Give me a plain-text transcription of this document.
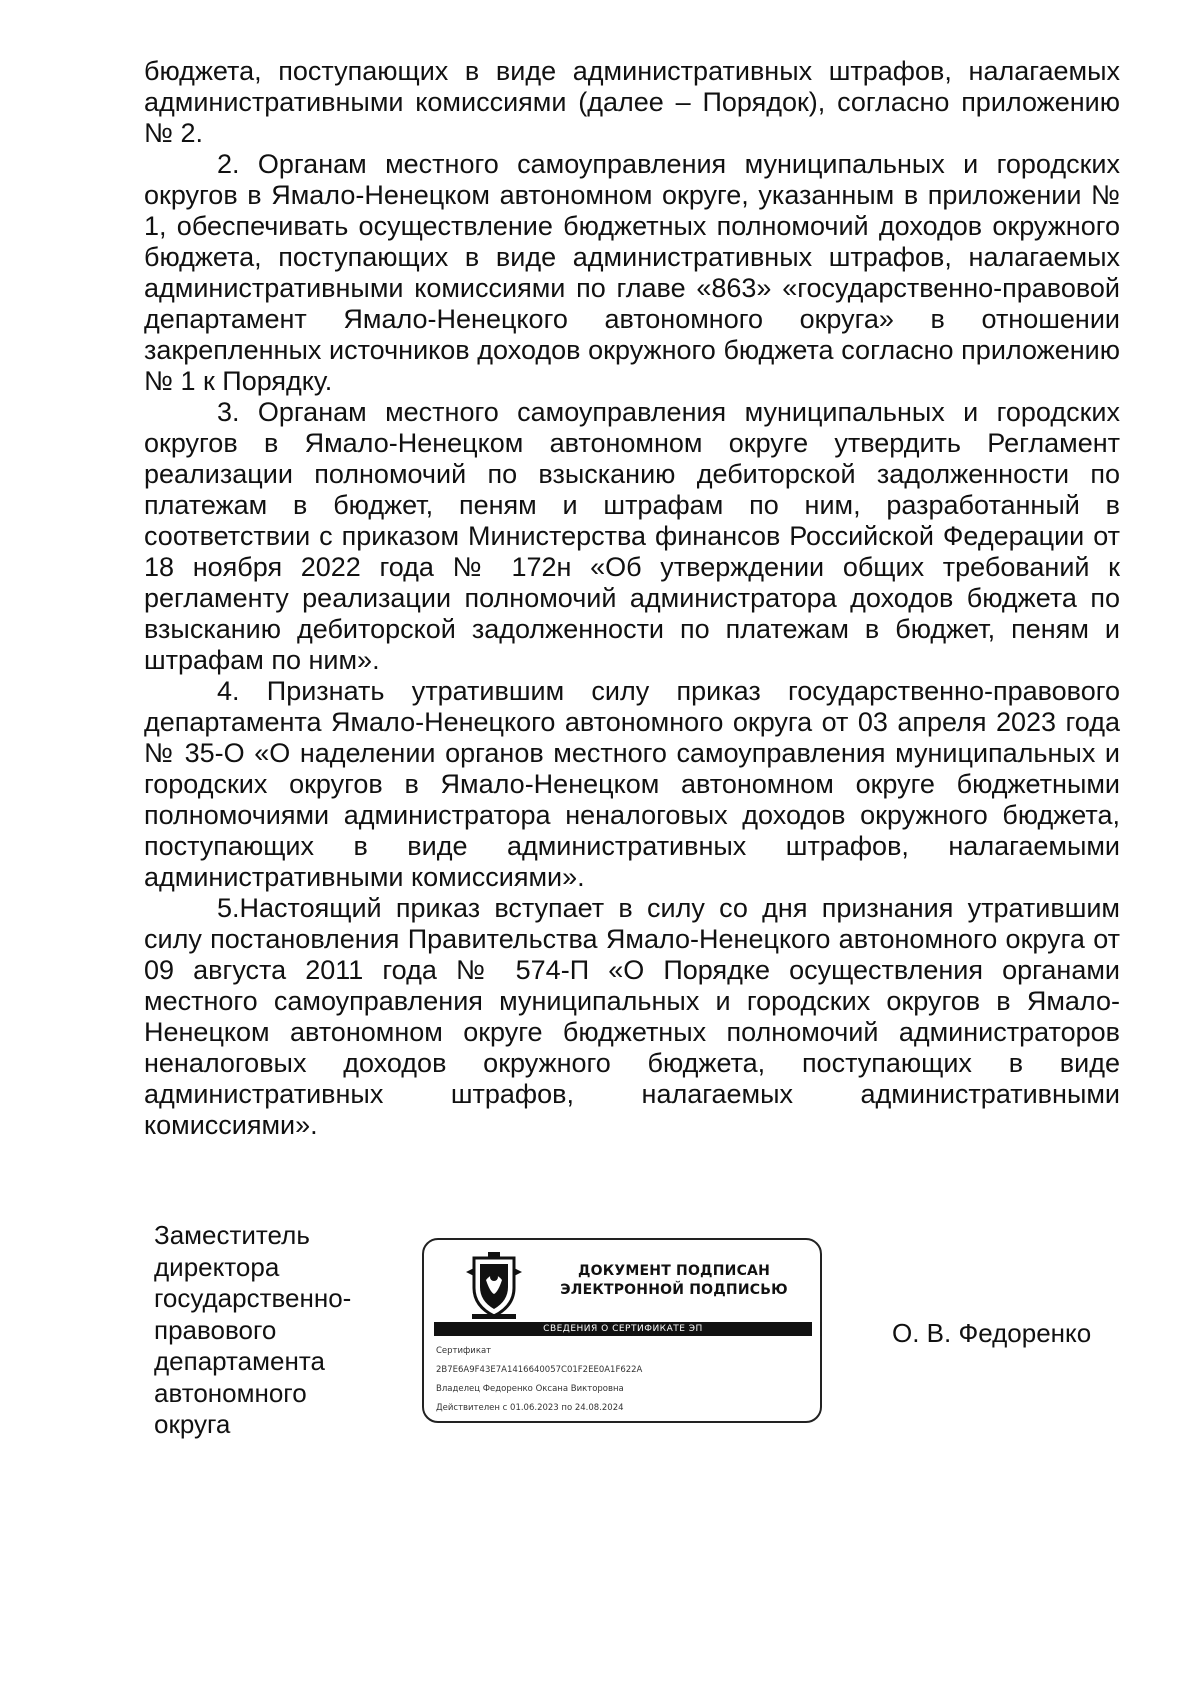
бюджета, поступающих в виде административных штрафов, налагаемых административными комиссиями (далее – Порядок), согласно приложению № 2.

2. Органам местного самоуправления муниципальных и городских округов в Ямало-Ненецком автономном округе, указанным в приложении № 1, обеспечивать осуществление бюджетных полномочий доходов окружного бюджета, поступающих в виде административных штрафов, налагаемых административными комиссиями по главе «863» «государственно-правовой департамент Ямало-Ненецкого автономного округа» в отношении закрепленных источников доходов окружного бюджета согласно приложению № 1 к Порядку.

3. Органам местного самоуправления муниципальных и городских округов в Ямало-Ненецком автономном округе утвердить Регламент реализации полномочий по взысканию дебиторской задолженности по платежам в бюджет, пеням и штрафам по ним, разработанный в соответствии с приказом Министерства финансов Российской Федерации от 18 ноября 2022 года № 172н «Об утверждении общих требований к регламенту реализации полномочий администратора доходов бюджета по взысканию дебиторской задолженности по платежам в бюджет, пеням и штрафам по ним».

4. Признать утратившим силу приказ государственно-правового департамента Ямало-Ненецкого автономного округа от 03 апреля 2023 года № 35-О «О наделении органов местного самоуправления муниципальных и городских округов в Ямало-Ненецком автономном округе бюджетными полномочиями администратора неналоговых доходов окружного бюджета, поступающих в виде административных штрафов, налагаемыми административными комиссиями».

5.Настоящий приказ вступает в силу со дня признания утратившим силу постановления Правительства Ямало-Ненецкого автономного округа от 09 августа 2011 года № 574-П «О Порядке осуществления органами местного самоуправления муниципальных и городских округов в Ямало-Ненецком автономном округе бюджетных полномочий администраторов неналоговых доходов окружного бюджета, поступающих в виде административных штрафов, налагаемых административными комиссиями».

Заместитель
директора
государственно-
правового
департамента
автономного
округа
ДОКУМЕНТ ПОДПИСАН
ЭЛЕКТРОННОЙ ПОДПИСЬЮ
СВЕДЕНИЯ О СЕРТИФИКАТЕ ЭП
Сертификат
2B7E6A9F43E7A1416640057C01F2EE0A1F622A
Владелец Федоренко Оксана Викторовна
Действителен с 01.06.2023 по 24.08.2024

О. В. Федоренко
